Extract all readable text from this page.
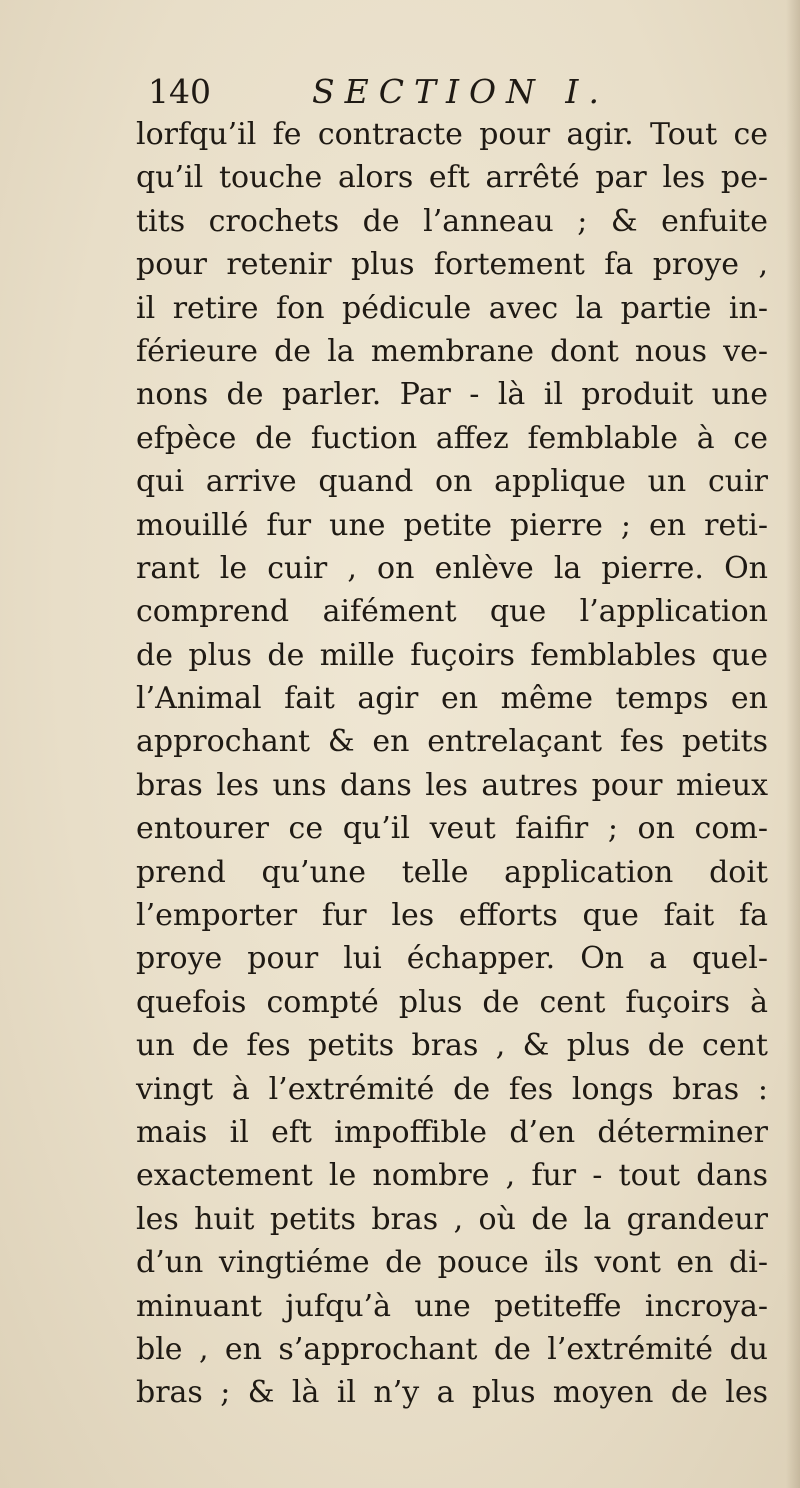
140	SECTION I.
lorfqu’il fe contracte pour agir. Tout ce
qu’il touche alors eft arrêté par les pe-
tits crochets de l’anneau ; & enfuite
pour retenir plus fortement fa proye ,
il retire fon pédicule avec la partie in-
férieure de la membrane dont nous ve-
nons de parler. Par - là il produit une
efpèce de fuction affez femblable à ce
qui arrive quand on applique un cuir
mouillé fur une petite pierre ; en reti-
rant le cuir , on enlève la pierre. On
comprend aifément que l’application
de plus de mille fuçoirs femblables que
l’Animal fait agir en même temps en
approchant & en entrelaçant fes petits
bras les uns dans les autres pour mieux
entourer ce qu’il veut faifir ; on com-
prend qu’une telle application doit
l’emporter fur les efforts que fait fa
proye pour lui échapper. On a quel-
quefois compté plus de cent fuçoirs à
un de fes petits bras , & plus de cent
vingt à l’extrémité de fes longs bras :
mais il eft impoffible d’en déterminer
exactement le nombre , fur - tout dans
les huit petits bras , où de la grandeur
d’un vingtiéme de pouce ils vont en di-
minuant jufqu’à une petiteffe incroya-
ble , en s’approchant de l’extrémité du
bras ; & là il n’y a plus moyen de les
